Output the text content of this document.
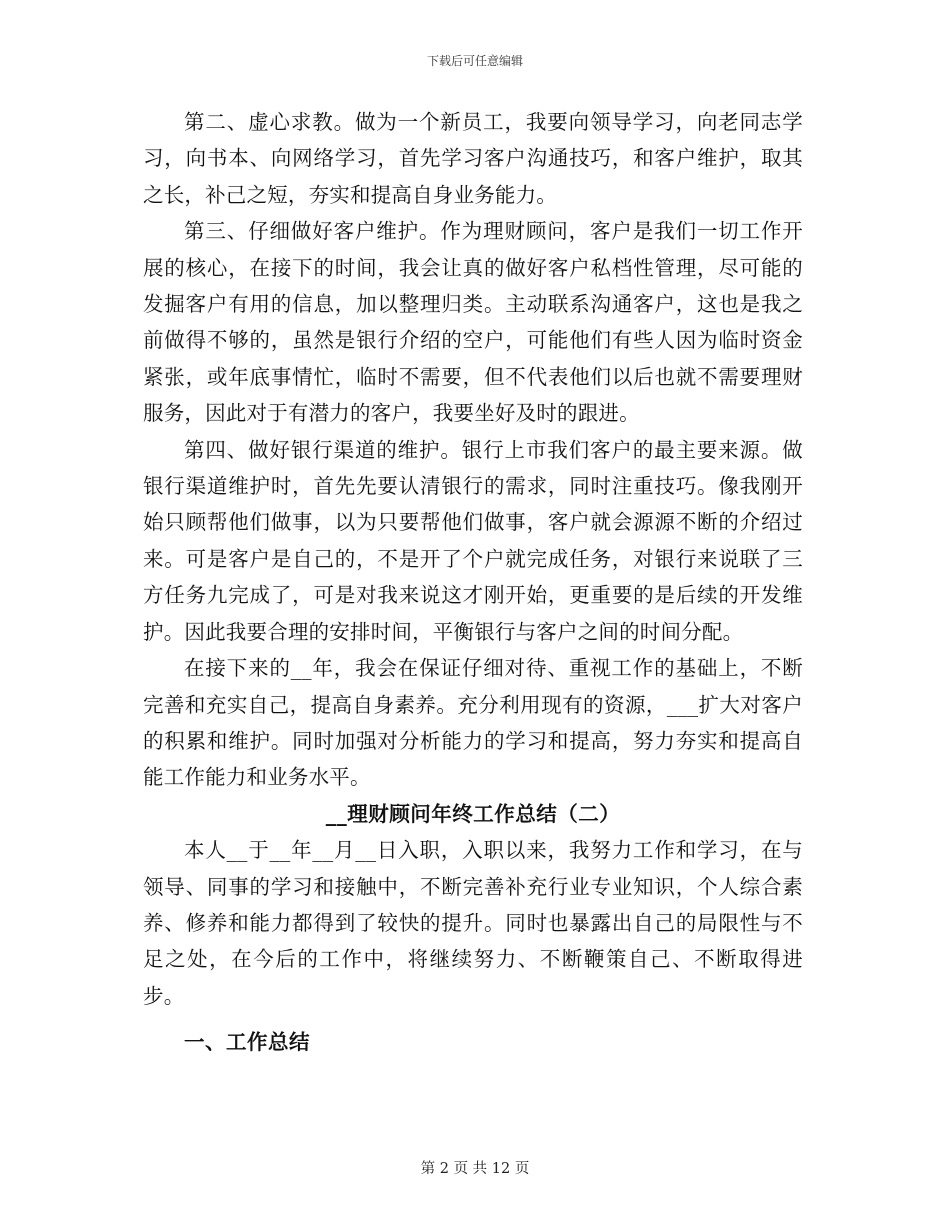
下载后可任意编辑

第二、虚心求教。做为一个新员工，我要向领导学习，向老同志学习，向书本、向网络学习，首先学习客户沟通技巧，和客户维护，取其之长，补己之短，夯实和提高自身业务能力。

第三、仔细做好客户维护。作为理财顾问，客户是我们一切工作开展的核心，在接下的时间，我会让真的做好客户私档性管理，尽可能的发掘客户有用的信息，加以整理归类。主动联系沟通客户，这也是我之前做得不够的，虽然是银行介绍的空户，可能他们有些人因为临时资金紧张，或年底事情忙，临时不需要，但不代表他们以后也就不需要理财服务，因此对于有潜力的客户，我要坐好及时的跟进。

第四、做好银行渠道的维护。银行上市我们客户的最主要来源。做银行渠道维护时，首先先要认清银行的需求，同时注重技巧。像我刚开始只顾帮他们做事，以为只要帮他们做事，客户就会源源不断的介绍过来。可是客户是自己的，不是开了个户就完成任务，对银行来说联了三方任务九完成了，可是对我来说这才刚开始，更重要的是后续的开发维护。因此我要合理的安排时间，平衡银行与客户之间的时间分配。

在接下来的__年，我会在保证仔细对待、重视工作的基础上，不断完善和充实自己，提高自身素养。充分利用现有的资源，___扩大对客户的积累和维护。同时加强对分析能力的学习和提高，努力夯实和提高自能工作能力和业务水平。

__理财顾问年终工作总结（二）

本人__于__年__月__日入职，入职以来，我努力工作和学习，在与领导、同事的学习和接触中，不断完善补充行业专业知识，个人综合素养、修养和能力都得到了较快的提升。同时也暴露出自己的局限性与不足之处，在今后的工作中，将继续努力、不断鞭策自己、不断取得进步。

一、工作总结
第 2 页 共 12 页
